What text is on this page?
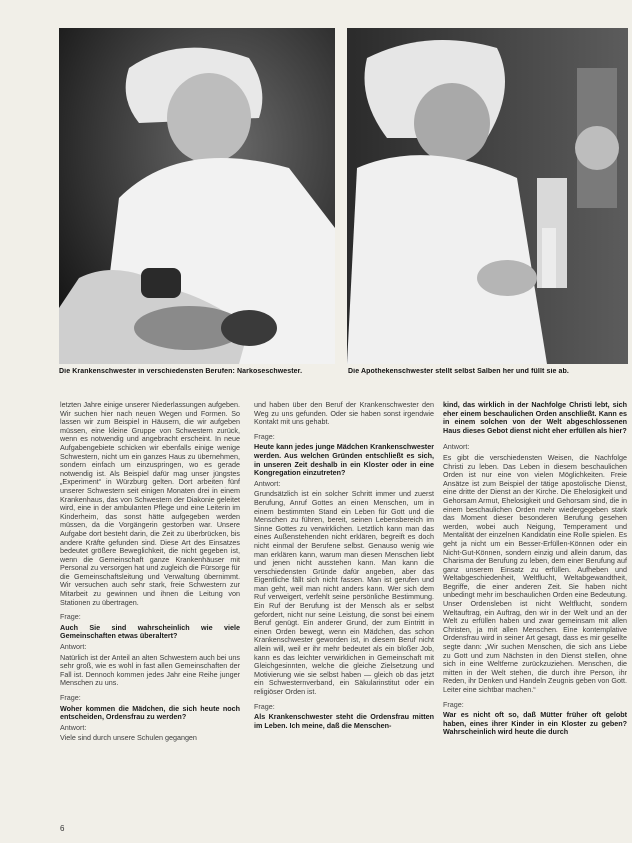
Die Krankenschwester in verschiedensten Berufen: Narkoseschwester.	Die Apothekenschwester stellt selbst Salben her und füllt sie ab.

letzten Jahre einige unserer Niederlassungen aufgeben. Wir suchen hier nach neuen Wegen und Formen. So lassen wir zum Beispiel in Häusern, die wir aufgeben müssen, eine kleine Gruppe von Schwestern zurück, wenn es notwendig und angebracht erscheint. In neue Aufgabengebiete schicken wir ebenfalls einige wenige Schwestern, nicht um ein ganzes Haus zu übernehmen, sondern einfach um einzuspringen, wo es gerade notwendig ist. Als Beispiel dafür mag unser jüngstes „Experiment“ in Würzburg gelten. Dort arbeiten fünf unserer Schwestern seit einigen Monaten drei in einem Krankenhaus, das von Schwestern der Diakonie geleitet wird, eine in der ambulanten Pflege und eine Leiterin im Kinderheim, das sonst hätte aufgegeben werden müssen, da die Vorgängerin gestorben war. Unsere Aufgabe dort besteht darin, die Zeit zu überbrücken, bis andere Kräfte gefunden sind. Diese Art des Einsatzes bedeutet größere Beweglichkeit, die nicht gegeben ist, wenn die Gemeinschaft ganze Krankenhäuser mit Personal zu versorgen hat und zugleich die Fürsorge für die Gemeinschaftsleitung und Verwaltung übernimmt. Wir versuchen auch sehr stark, freie Schwestern zur Mitarbeit zu gewinnen und ihnen die Leitung von Stationen zu übertragen.

Frage:

Auch Sie sind wahrscheinlich wie viele Gemeinschaften etwas überaltert?

Antwort:

Natürlich ist der Anteil an alten Schwestern auch bei uns sehr groß, wie es wohl in fast allen Gemeinschaften der Fall ist. Dennoch kommen jedes Jahr eine Reihe junger Menschen zu uns.

Frage:

Woher kommen die Mädchen, die sich heute noch entscheiden, Ordensfrau zu werden?

Antwort:

Viele sind durch unsere Schulen gegangen

und haben über den Beruf der Krankenschwester den Weg zu uns gefunden. Oder sie haben sonst irgendwie Kontakt mit uns gehabt.

Frage:

Heute kann jedes junge Mädchen Krankenschwester werden. Aus welchen Gründen entschließt es sich, in unseren Zeit deshalb in ein Kloster oder in eine Kongregation einzutreten?

Antwort:

Grundsätzlich ist ein solcher Schritt immer und zuerst Berufung, Anruf Gottes an einen Menschen, um in einem bestimmten Stand ein Leben für Gott und die Menschen zu führen, bereit, seinen Lebensbereich im Sinne Gottes zu verwirklichen. Letztlich kann man das eines Außenstehenden nicht erklären, begreift es doch nicht einmal der Berufene selbst. Genauso wenig wie man erklären kann, warum man diesen Menschen liebt und jenen nicht ausstehen kann. Man kann die verschiedensten Gründe dafür angeben, aber das Eigentliche fällt sich nicht fassen. Man ist gerufen und man geht, weil man nicht anders kann. Wer sich dem Ruf verweigert, verfehlt seine persönliche Bestimmung. Ein Ruf der Berufung ist der Mensch als er selbst gefordert, nicht nur seine Leistung, die sonst bei einem Beruf genügt. Ein anderer Grund, der zum Eintritt in einen Orden bewegt, wenn ein Mädchen, das schon Krankenschwester geworden ist, in diesem Beruf nicht allein will, weil er ihr mehr bedeutet als ein bloßer Job, kann es das leichter verwirklichen in Gemeinschaft mit Gleichgesinnten, welche die gleiche Zielsetzung und Motivierung wie sie selbst haben — gleich ob das jetzt ein Schwesternverband, ein Säkularinstitut oder ein religiöser Orden ist.

Frage:

Als Krankenschwester steht die Ordensfrau mitten im Leben. Ich meine, daß die Menschen-

kind, das wirklich in der Nachfolge Christi lebt, sich eher einem beschaulichen Orden anschließt. Kann es in einem solchen von der Welt abgeschlossenen Haus dieses Gebot dienst nicht eher erfüllen als hier?

Antwort:

Es gibt die verschiedensten Weisen, die Nachfolge Christi zu leben. Das Leben in diesem beschaulichen Orden ist nur eine von vielen Möglichkeiten. Freie Ansätze ist zum Beispiel der tätige apostolische Dienst, eine dritte der Dienst an der Kirche. Die Ehelosigkeit und Gehorsam Armut, Ehelosigkeit und Gehorsam sind, die in einem beschaulichen Orden mehr wiedergegeben stark das Moment dieser besonderen Berufung gesehen werden, wobei auch Neigung, Temperament und Mentalität der einzelnen Kandidatin eine Rolle spielen. Es geht ja nicht um ein Besser-Erfüllen-Können oder ein Nicht-Gut-Können, sondern einzig und allein darum, das Charisma der Berufung zu leben, dem einer Berufung auf ganz unserem Einsatz zu erfüllen. Aufheben und Weltabgeschiedenheit, Weltflucht, Weltabgewandtheit, Begriffe, die einer anderen Zeit. Sie haben nicht unbedingt mehr im beschaulichen Orden eine Bedeutung. Unser Ordensleben ist nicht Weltflucht, sondern Weltauftrag, ein Auftrag, den wir in der Welt und an der Welt zu erfüllen haben und zwar gemeinsam mit allen Christen, ja mit allen Menschen. Eine kontemplative Ordensfrau wird in seiner Art gesagt, dass es mir gesellte segte dann: „Wir suchen Menschen, die sich ans Liebe zu Gott und zum Nächsten in den Dienst stellen, ohne sich in eine Weltferne zurückzuziehen. Menschen, die mitten in der Welt stehen, die durch ihre Person, ihr Reden, ihr Denken und Handeln Zeugnis geben von Gott. Leiter eine sichtbar machen.“

Frage:

War es nicht oft so, daß Mütter früher oft gelobt haben, eines ihrer Kinder in ein Kloster zu geben? Wahrscheinlich wird heute die durch

6
